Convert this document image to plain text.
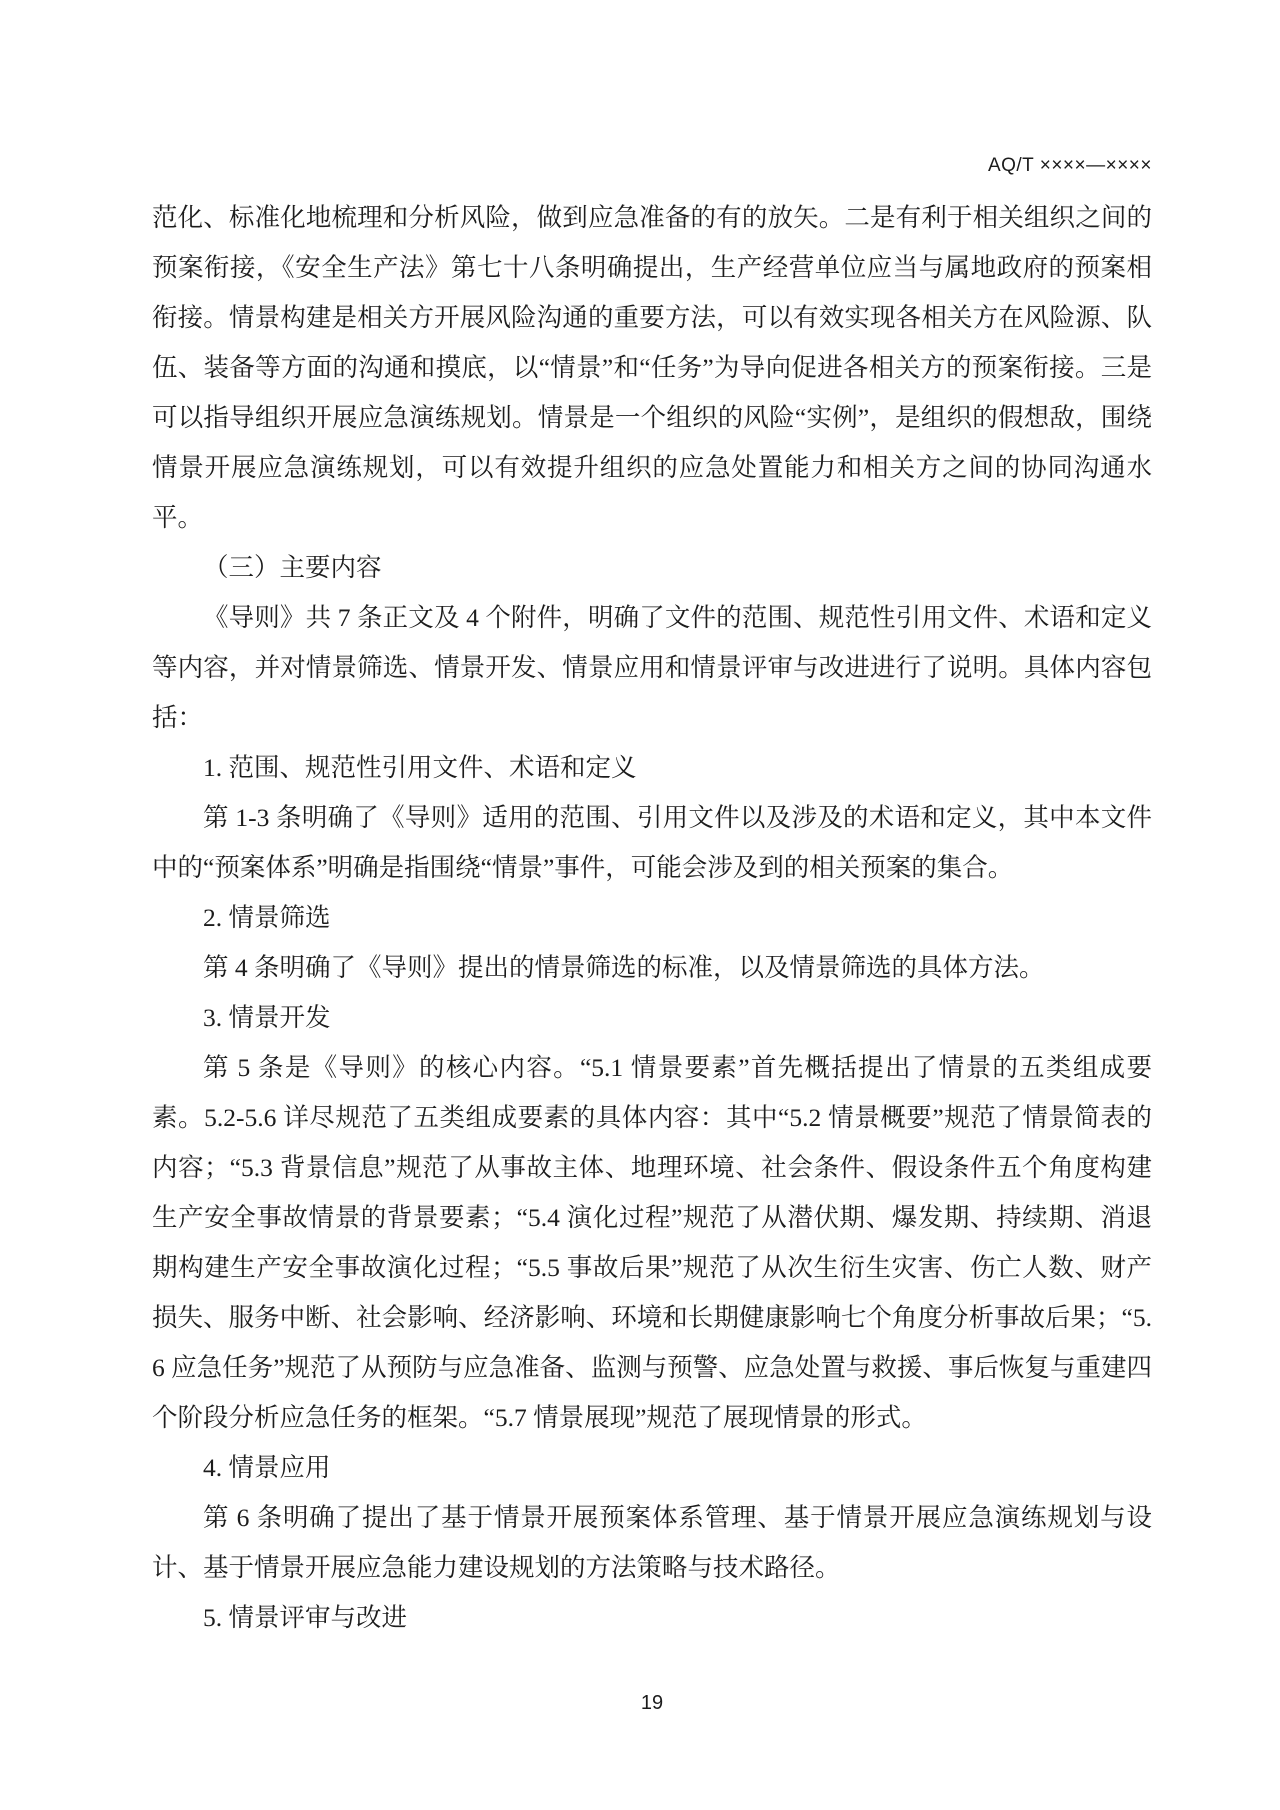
AQ/T ××××—××××

范化、标准化地梳理和分析风险，做到应急准备的有的放矢。二是有利于相关组织之间的预案衔接，《安全生产法》第七十八条明确提出，生产经营单位应当与属地政府的预案相衔接。情景构建是相关方开展风险沟通的重要方法，可以有效实现各相关方在风险源、队伍、装备等方面的沟通和摸底，以“情景”和“任务”为导向促进各相关方的预案衔接。三是可以指导组织开展应急演练规划。情景是一个组织的风险“实例”，是组织的假想敌，围绕情景开展应急演练规划，可以有效提升组织的应急处置能力和相关方之间的协同沟通水平。

（三）主要内容

《导则》共 7 条正文及 4 个附件，明确了文件的范围、规范性引用文件、术语和定义等内容，并对情景筛选、情景开发、情景应用和情景评审与改进进行了说明。具体内容包括：

1. 范围、规范性引用文件、术语和定义

第 1-3 条明确了《导则》适用的范围、引用文件以及涉及的术语和定义，其中本文件中的“预案体系”明确是指围绕“情景”事件，可能会涉及到的相关预案的集合。

2. 情景筛选

第 4 条明确了《导则》提出的情景筛选的标准，以及情景筛选的具体方法。

3. 情景开发

第 5 条是《导则》的核心内容。“5.1 情景要素”首先概括提出了情景的五类组成要素。5.2-5.6 详尽规范了五类组成要素的具体内容：其中“5.2 情景概要”规范了情景简表的内容；“5.3 背景信息”规范了从事故主体、地理环境、社会条件、假设条件五个角度构建生产安全事故情景的背景要素；“5.4 演化过程”规范了从潜伏期、爆发期、持续期、消退期构建生产安全事故演化过程；“5.5 事故后果”规范了从次生衍生灾害、伤亡人数、财产损失、服务中断、社会影响、经济影响、环境和长期健康影响七个角度分析事故后果；“5.6 应急任务”规范了从预防与应急准备、监测与预警、应急处置与救援、事后恢复与重建四个阶段分析应急任务的框架。“5.7 情景展现”规范了展现情景的形式。

4. 情景应用

第 6 条明确了提出了基于情景开展预案体系管理、基于情景开展应急演练规划与设计、基于情景开展应急能力建设规划的方法策略与技术路径。

5. 情景评审与改进

19
